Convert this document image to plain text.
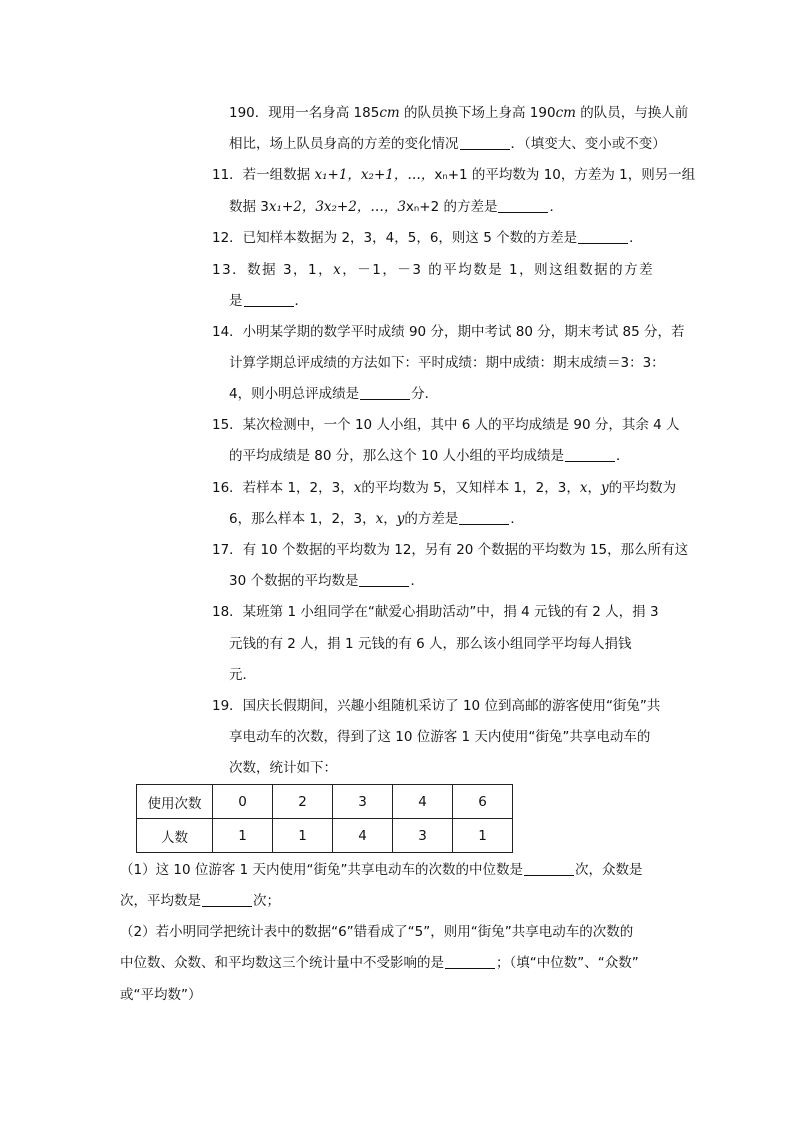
190．现用一名身高 185cm 的队员换下场上身高 190cm 的队员，与换人前
相比，场上队员身高的方差的变化情况	．（填变大、变小或不变）
11．若一组数据 x₁+1，x₂+1，…，xₙ+1 的平均数为 10，方差为 1，则另一组
数据 3x₁+2，3x₂+2，…，3xₙ+2 的方差是	．
12．已知样本数据为 2，3，4，5，6，则这 5 个数的方差是	．
13．数据 3，1，x，－1，－3 的平均数是 1，则这组数据的方差
是	．
14．小明某学期的数学平时成绩 90 分，期中考试 80 分，期末考试 85 分，若
计算学期总评成绩的方法如下：平时成绩：期中成绩：期末成绩＝3：3：
4，则小明总评成绩是	分．
15．某次检测中，一个 10 人小组，其中 6 人的平均成绩是 90 分，其余 4 人
的平均成绩是 80 分，那么这个 10 人小组的平均成绩是	．
16．若样本 1，2，3，x的平均数为 5，又知样本 1，2，3，x，y的平均数为
6，那么样本 1，2，3，x，y的方差是	．
17．有 10 个数据的平均数为 12，另有 20 个数据的平均数为 15，那么所有这
30 个数据的平均数是	．
18．某班第 1 小组同学在“献爱心捐助活动”中，捐 4 元钱的有 2 人，捐 3
元钱的有 2 人，捐 1 元钱的有 6 人，那么该小组同学平均每人捐钱
元．
19．国庆长假期间，兴趣小组随机采访了 10 位到高邮的游客使用“街兔”共
享电动车的次数，得到了这 10 位游客 1 天内使用“街兔”共享电动车的
次数，统计如下：
使用次数	0	2	3	4	6
人数	1	1	4	3	1
（1）这 10 位游客 1 天内使用“街兔”共享电动车的次数的中位数是	次，众数是
次，平均数是	次；
（2）若小明同学把统计表中的数据“6”错看成了“5”，则用“街兔”共享电动车的次数的
中位数、众数、和平均数这三个统计量中不受影响的是	；（填“中位数”、“众数”
或“平均数”）
